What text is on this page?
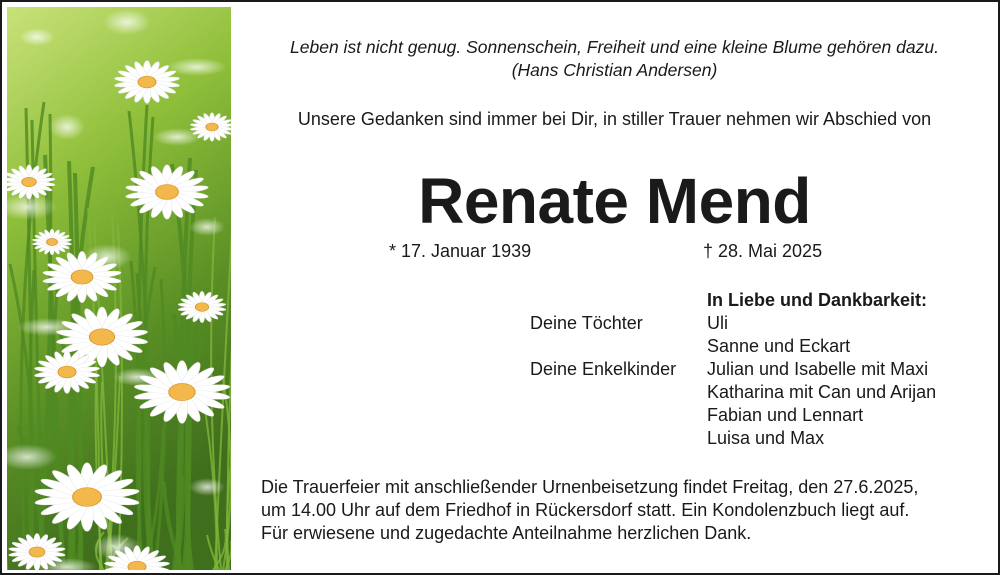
Leben ist nicht genug. Sonnenschein, Freiheit und eine kleine Blume gehören dazu.
(Hans Christian Andersen)
Unsere Gedanken sind immer bei Dir, in stiller Trauer nehmen wir Abschied von
Renate Mend
* 17. Januar 1939	† 28. Mai 2025
In Liebe und Dankbarkeit:
Deine Töchter	Uli
Sanne und Eckart
Deine Enkelkinder Julian und Isabelle mit Maxi
Katharina mit Can und Arijan
Fabian und Lennart
Luisa und Max
Die Trauerfeier mit anschließender Urnenbeisetzung findet Freitag, den 27.6.2025,
um 14.00 Uhr auf dem Friedhof in Rückersdorf statt. Ein Kondolenzbuch liegt auf.
Für erwiesene und zugedachte Anteilnahme herzlichen Dank.
